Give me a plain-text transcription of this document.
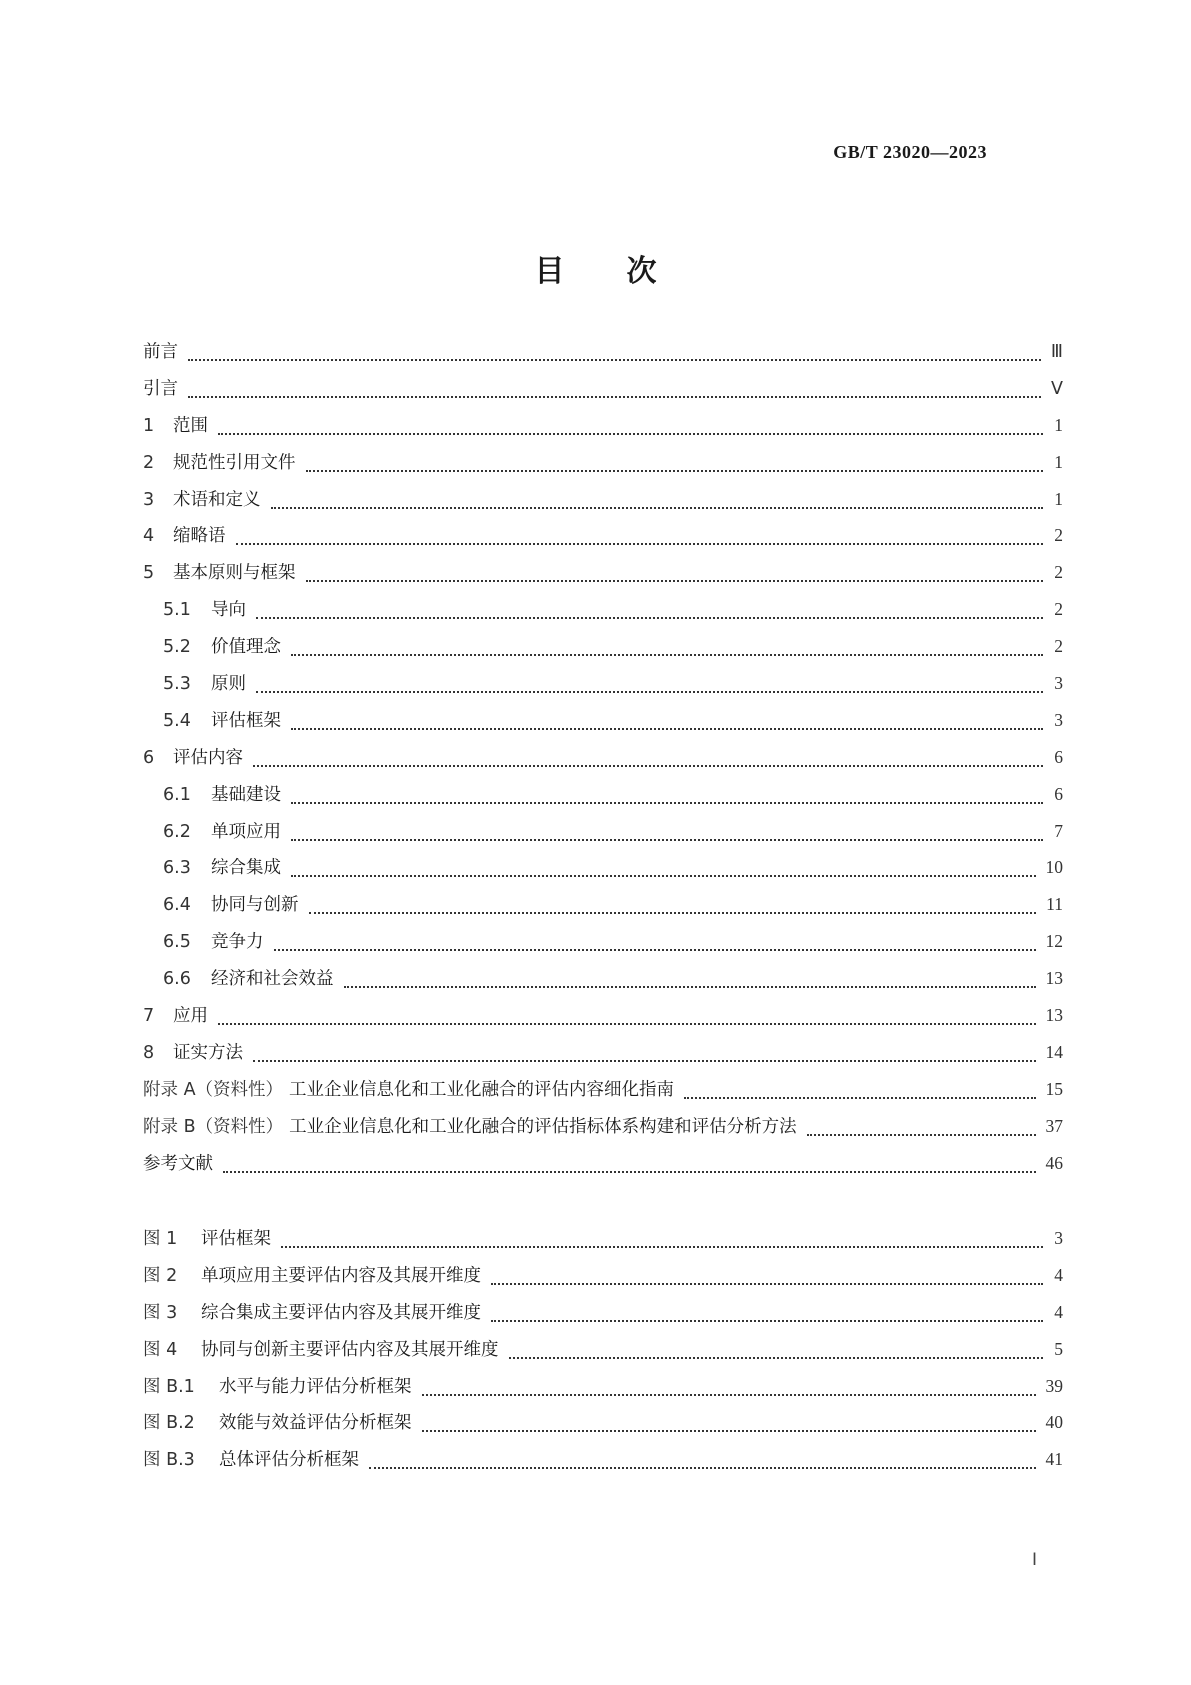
GB/T 23020—2023
目 次
前言	Ⅲ
引言	Ⅴ
1	范围	1
2	规范性引用文件	1
3	术语和定义	1
4	缩略语	2
5	基本原则与框架	2
5.1	导向	2
5.2	价值理念	2
5.3	原则	3
5.4	评估框架	3
6	评估内容	6
6.1	基础建设	6
6.2	单项应用	7
6.3	综合集成	10
6.4	协同与创新	11
6.5	竞争力	12
6.6	经济和社会效益	13
7	应用	13
8	证实方法	14
附录 A（资料性） 工业企业信息化和工业化融合的评估内容细化指南	15
附录 B（资料性） 工业企业信息化和工业化融合的评估指标体系构建和评估分析方法	37
参考文献	46
图 1	评估框架	3
图 2	单项应用主要评估内容及其展开维度	4
图 3	综合集成主要评估内容及其展开维度	4
图 4	协同与创新主要评估内容及其展开维度	5
图 B.1	水平与能力评估分析框架	39
图 B.2	效能与效益评估分析框架	40
图 B.3	总体评估分析框架	41
Ⅰ
